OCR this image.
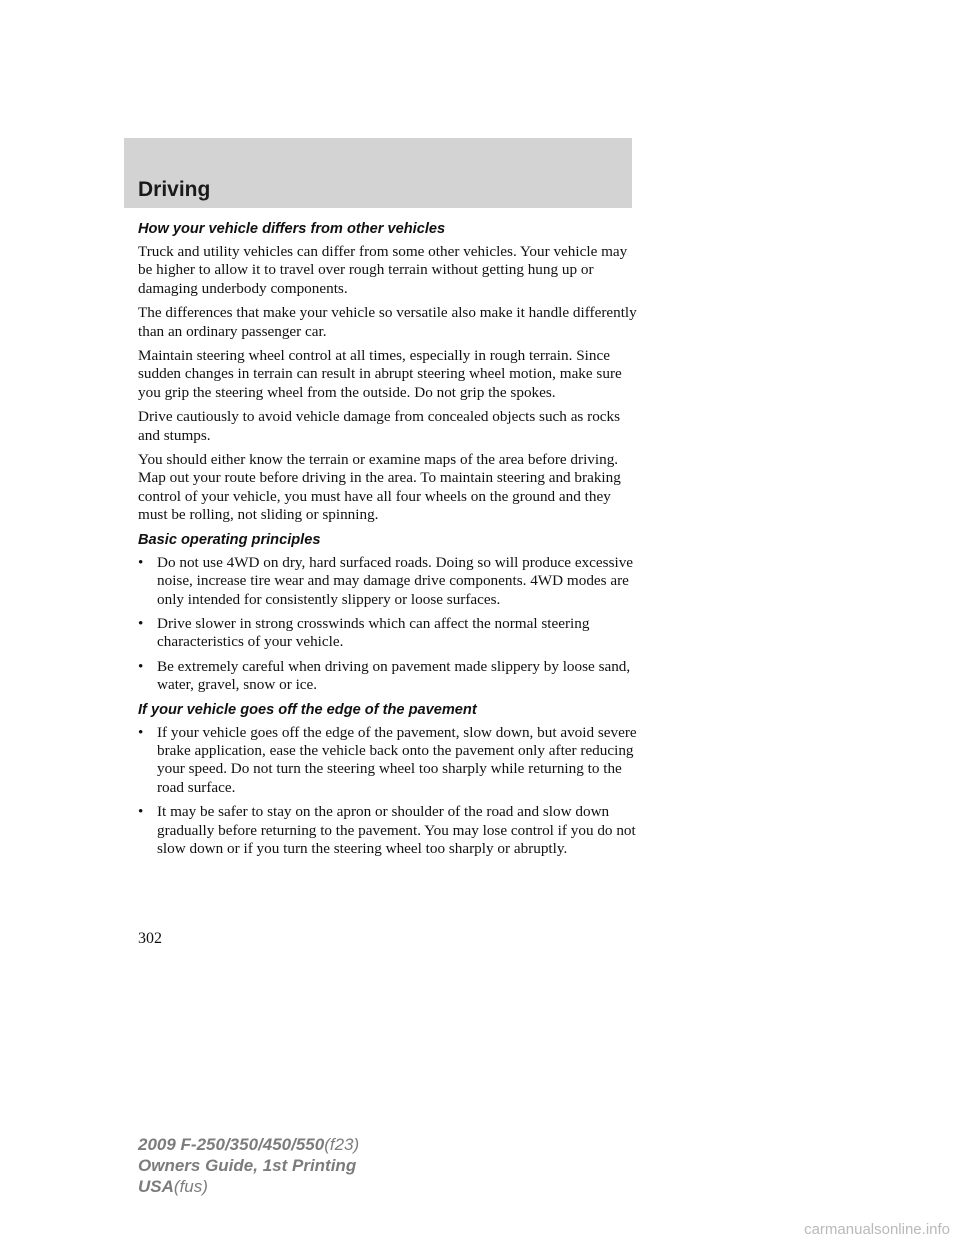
Driving
How your vehicle differs from other vehicles

Truck and utility vehicles can differ from some other vehicles. Your vehicle may be higher to allow it to travel over rough terrain without getting hung up or damaging underbody components.

The differences that make your vehicle so versatile also make it handle differently than an ordinary passenger car.

Maintain steering wheel control at all times, especially in rough terrain. Since sudden changes in terrain can result in abrupt steering wheel motion, make sure you grip the steering wheel from the outside. Do not grip the spokes.

Drive cautiously to avoid vehicle damage from concealed objects such as rocks and stumps.

You should either know the terrain or examine maps of the area before driving. Map out your route before driving in the area. To maintain steering and braking control of your vehicle, you must have all four wheels on the ground and they must be rolling, not sliding or spinning.

Basic operating principles
• Do not use 4WD on dry, hard surfaced roads. Doing so will produce excessive noise, increase tire wear and may damage drive components. 4WD modes are only intended for consistently slippery or loose surfaces.
• Drive slower in strong crosswinds which can affect the normal steering characteristics of your vehicle.
• Be extremely careful when driving on pavement made slippery by loose sand, water, gravel, snow or ice.
If your vehicle goes off the edge of the pavement
• If your vehicle goes off the edge of the pavement, slow down, but avoid severe brake application, ease the vehicle back onto the pavement only after reducing your speed. Do not turn the steering wheel too sharply while returning to the road surface.
• It may be safer to stay on the apron or shoulder of the road and slow down gradually before returning to the pavement. You may lose control if you do not slow down or if you turn the steering wheel too sharply or abruptly.
302
2009 F-250/350/450/550(f23)
Owners Guide, 1st Printing
USA(fus)
carmanualsonline.info
